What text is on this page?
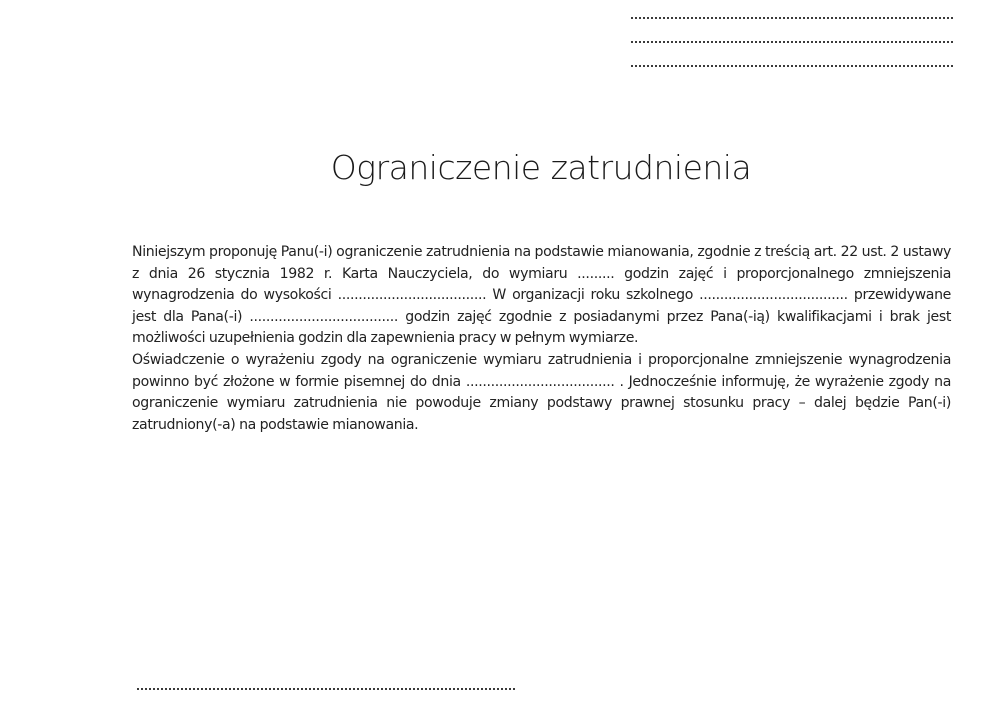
Ograniczenie zatrudnienia

Niniejszym proponuję Panu(-i) ograniczenie zatrudnienia na podstawie mianowania, zgodnie z treścią art. 22 ust. 2 ustawy z dnia 26 stycznia 1982 r. Karta Nauczyciela, do wymiaru ......... godzin zajęć i proporcjonalnego zmniejszenia wynagrodzenia do wysokości .................................... W organizacji roku szkolnego .................................... przewidywane jest dla Pana(-i) .................................... godzin zajęć zgodnie z posiadanymi przez Pana(-ią) kwalifikacjami i brak jest możliwości uzupełnienia godzin dla zapewnienia pracy w pełnym wymiarze.

Oświadczenie o wyrażeniu zgody na ograniczenie wymiaru zatrudnienia i proporcjonalne zmniejszenie wynagrodzenia powinno być złożone w formie pisemnej do dnia .................................... . Jednocześnie informuję, że wyrażenie zgody na ograniczenie wymiaru zatrudnienia nie powoduje zmiany podstawy prawnej stosunku pracy – dalej będzie Pan(-i) zatrudniony(-a) na podstawie mianowania.
